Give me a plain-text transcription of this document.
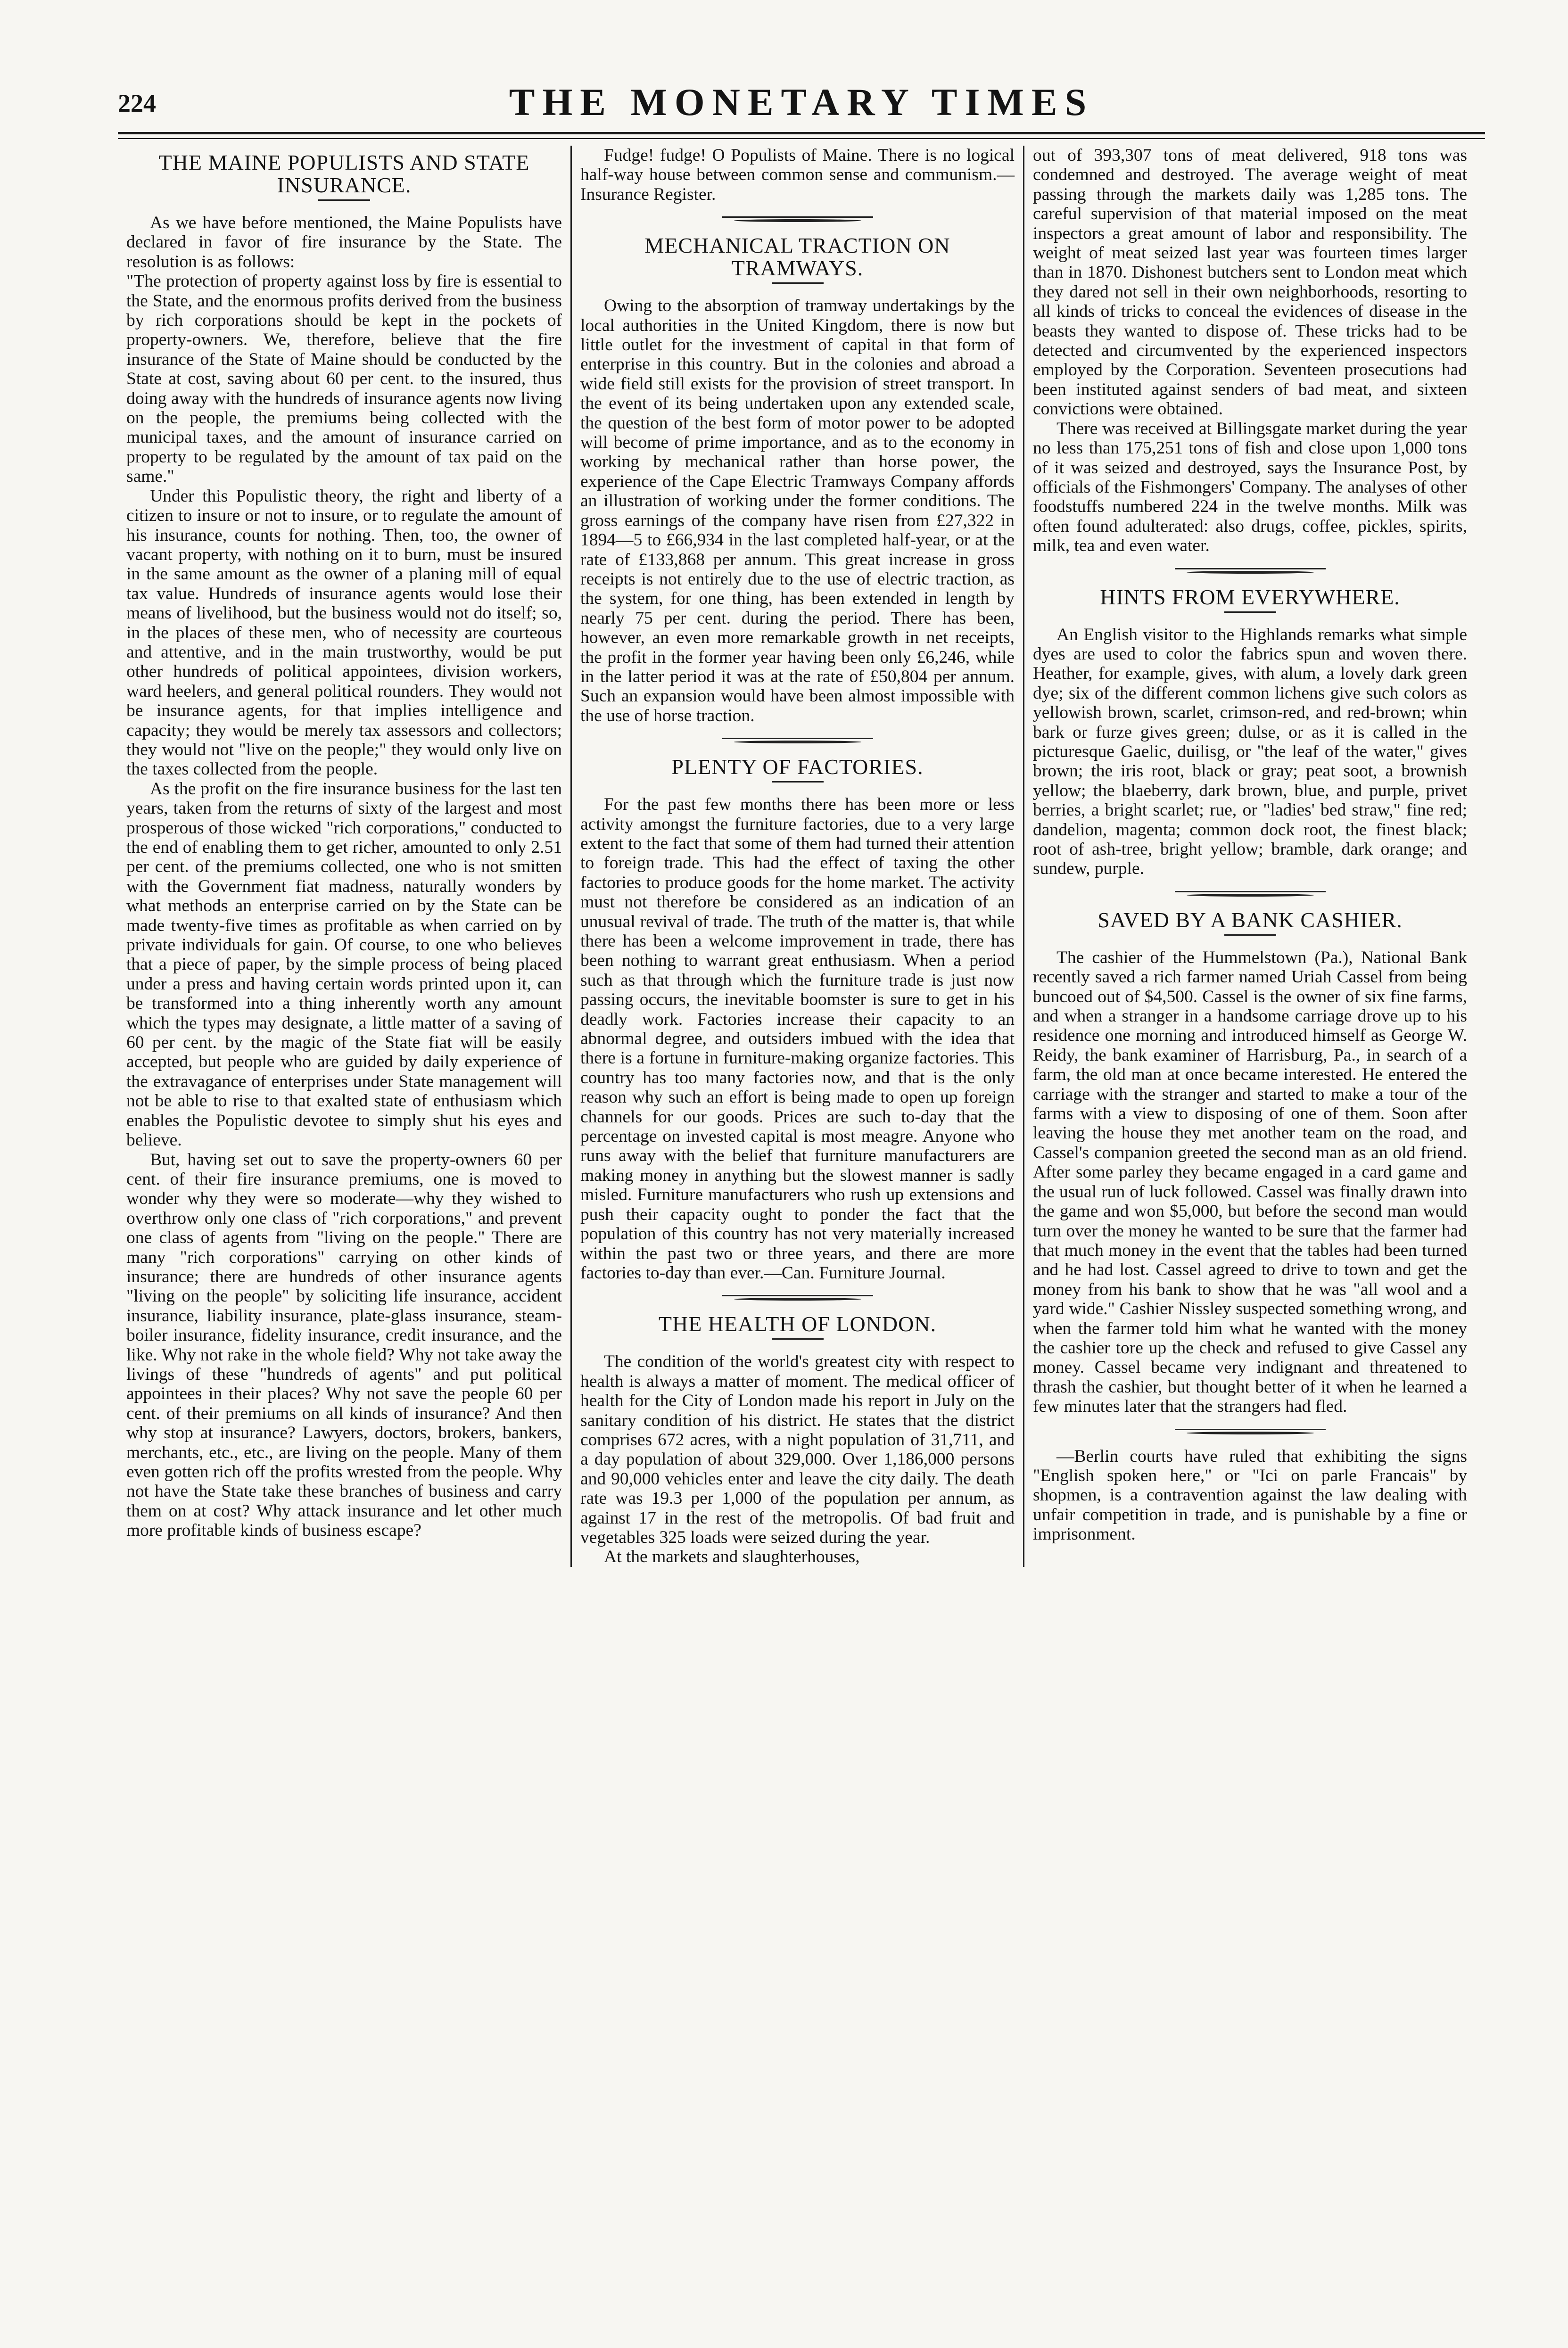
224	THE MONETARY TIMES
THE MAINE POPULISTS AND STATE INSURANCE.

As we have before mentioned, the Maine Populists have declared in favor of fire insurance by the State. The resolution is as follows:

"The protection of property against loss by fire is essential to the State, and the enormous profits derived from the business by rich corporations should be kept in the pockets of property-owners. We, therefore, believe that the fire insurance of the State of Maine should be conducted by the State at cost, saving about 60 per cent. to the insured, thus doing away with the hundreds of insurance agents now living on the people, the premiums being collected with the municipal taxes, and the amount of insurance carried on property to be regulated by the amount of tax paid on the same."

Under this Populistic theory, the right and liberty of a citizen to insure or not to insure, or to regulate the amount of his insurance, counts for nothing. Then, too, the owner of vacant property, with nothing on it to burn, must be insured in the same amount as the owner of a planing mill of equal tax value. Hundreds of insurance agents would lose their means of livelihood, but the business would not do itself; so, in the places of these men, who of necessity are courteous and attentive, and in the main trustworthy, would be put other hundreds of political appointees, division workers, ward heelers, and general political rounders. They would not be insurance agents, for that implies intelligence and capacity; they would be merely tax assessors and collectors; they would not "live on the people;" they would only live on the taxes collected from the people.

As the profit on the fire insurance business for the last ten years, taken from the returns of sixty of the largest and most prosperous of those wicked "rich corporations," conducted to the end of enabling them to get richer, amounted to only 2.51 per cent. of the premiums collected, one who is not smitten with the Government fiat madness, naturally wonders by what methods an enterprise carried on by the State can be made twenty-five times as profitable as when carried on by private individuals for gain. Of course, to one who believes that a piece of paper, by the simple process of being placed under a press and having certain words printed upon it, can be transformed into a thing inherently worth any amount which the types may designate, a little matter of a saving of 60 per cent. by the magic of the State fiat will be easily accepted, but people who are guided by daily experience of the extravagance of enterprises under State management will not be able to rise to that exalted state of enthusiasm which enables the Populistic devotee to simply shut his eyes and believe.

But, having set out to save the property-owners 60 per cent. of their fire insurance premiums, one is moved to wonder why they were so moderate—why they wished to overthrow only one class of "rich corporations," and prevent one class of agents from "living on the people." There are many "rich corporations" carrying on other kinds of insurance; there are hundreds of other insurance agents "living on the people" by soliciting life insurance, accident insurance, liability insurance, plate-glass insurance, steam-boiler insurance, fidelity insurance, credit insurance, and the like. Why not rake in the whole field? Why not take away the livings of these "hundreds of agents" and put political appointees in their places? Why not save the people 60 per cent. of their premiums on all kinds of insurance? And then why stop at insurance? Lawyers, doctors, brokers, bankers, merchants, etc., etc., are living on the people. Many of them even gotten rich off the profits wrested from the people. Why not have the State take these branches of business and carry them on at cost? Why attack insurance and let other much more profitable kinds of business escape?

Fudge! fudge! O Populists of Maine. There is no logical half-way house between common sense and communism.—Insurance Register.

MECHANICAL TRACTION ON TRAMWAYS.

Owing to the absorption of tramway undertakings by the local authorities in the United Kingdom, there is now but little outlet for the investment of capital in that form of enterprise in this country. But in the colonies and abroad a wide field still exists for the provision of street transport. In the event of its being undertaken upon any extended scale, the question of the best form of motor power to be adopted will become of prime importance, and as to the economy in working by mechanical rather than horse power, the experience of the Cape Electric Tramways Company affords an illustration of working under the former conditions. The gross earnings of the company have risen from £27,322 in 1894—5 to £66,934 in the last completed half-year, or at the rate of £133,868 per annum. This great increase in gross receipts is not entirely due to the use of electric traction, as the system, for one thing, has been extended in length by nearly 75 per cent. during the period. There has been, however, an even more remarkable growth in net receipts, the profit in the former year having been only £6,246, while in the latter period it was at the rate of £50,804 per annum. Such an expansion would have been almost impossible with the use of horse traction.

PLENTY OF FACTORIES.

For the past few months there has been more or less activity amongst the furniture factories, due to a very large extent to the fact that some of them had turned their attention to foreign trade. This had the effect of taxing the other factories to produce goods for the home market. The activity must not therefore be considered as an indication of an unusual revival of trade. The truth of the matter is, that while there has been a welcome improvement in trade, there has been nothing to warrant great enthusiasm. When a period such as that through which the furniture trade is just now passing occurs, the inevitable boomster is sure to get in his deadly work. Factories increase their capacity to an abnormal degree, and outsiders imbued with the idea that there is a fortune in furniture-making organize factories. This country has too many factories now, and that is the only reason why such an effort is being made to open up foreign channels for our goods. Prices are such to-day that the percentage on invested capital is most meagre. Anyone who runs away with the belief that furniture manufacturers are making money in anything but the slowest manner is sadly misled. Furniture manufacturers who rush up extensions and push their capacity ought to ponder the fact that the population of this country has not very materially increased within the past two or three years, and there are more factories to-day than ever.—Can. Furniture Journal.

THE HEALTH OF LONDON.

The condition of the world's greatest city with respect to health is always a matter of moment. The medical officer of health for the City of London made his report in July on the sanitary condition of his district. He states that the district comprises 672 acres, with a night population of 31,711, and a day population of about 329,000. Over 1,186,000 persons and 90,000 vehicles enter and leave the city daily. The death rate was 19.3 per 1,000 of the population per annum, as against 17 in the rest of the metropolis. Of bad fruit and vegetables 325 loads were seized during the year.

At the markets and slaughterhouses,

out of 393,307 tons of meat delivered, 918 tons was condemned and destroyed. The average weight of meat passing through the markets daily was 1,285 tons. The careful supervision of that material imposed on the meat inspectors a great amount of labor and responsibility. The weight of meat seized last year was fourteen times larger than in 1870. Dishonest butchers sent to London meat which they dared not sell in their own neighborhoods, resorting to all kinds of tricks to conceal the evidences of disease in the beasts they wanted to dispose of. These tricks had to be detected and circumvented by the experienced inspectors employed by the Corporation. Seventeen prosecutions had been instituted against senders of bad meat, and sixteen convictions were obtained.

There was received at Billingsgate market during the year no less than 175,251 tons of fish and close upon 1,000 tons of it was seized and destroyed, says the Insurance Post, by officials of the Fishmongers' Company. The analyses of other foodstuffs numbered 224 in the twelve months. Milk was often found adulterated: also drugs, coffee, pickles, spirits, milk, tea and even water.

HINTS FROM EVERYWHERE.

An English visitor to the Highlands remarks what simple dyes are used to color the fabrics spun and woven there. Heather, for example, gives, with alum, a lovely dark green dye; six of the different common lichens give such colors as yellowish brown, scarlet, crimson-red, and red-brown; whin bark or furze gives green; dulse, or as it is called in the picturesque Gaelic, duilisg, or "the leaf of the water," gives brown; the iris root, black or gray; peat soot, a brownish yellow; the blaeberry, dark brown, blue, and purple, privet berries, a bright scarlet; rue, or "ladies' bed straw," fine red; dandelion, magenta; common dock root, the finest black; root of ash-tree, bright yellow; bramble, dark orange; and sundew, purple.

SAVED BY A BANK CASHIER.

The cashier of the Hummelstown (Pa.), National Bank recently saved a rich farmer named Uriah Cassel from being buncoed out of $4,500. Cassel is the owner of six fine farms, and when a stranger in a handsome carriage drove up to his residence one morning and introduced himself as George W. Reidy, the bank examiner of Harrisburg, Pa., in search of a farm, the old man at once became interested. He entered the carriage with the stranger and started to make a tour of the farms with a view to disposing of one of them. Soon after leaving the house they met another team on the road, and Cassel's companion greeted the second man as an old friend. After some parley they became engaged in a card game and the usual run of luck followed. Cassel was finally drawn into the game and won $5,000, but before the second man would turn over the money he wanted to be sure that the farmer had that much money in the event that the tables had been turned and he had lost. Cassel agreed to drive to town and get the money from his bank to show that he was "all wool and a yard wide." Cashier Nissley suspected something wrong, and when the farmer told him what he wanted with the money the cashier tore up the check and refused to give Cassel any money. Cassel became very indignant and threatened to thrash the cashier, but thought better of it when he learned a few minutes later that the strangers had fled.

—Berlin courts have ruled that exhibiting the signs "English spoken here," or "Ici on parle Francais" by shopmen, is a contravention against the law dealing with unfair competition in trade, and is punishable by a fine or imprisonment.
